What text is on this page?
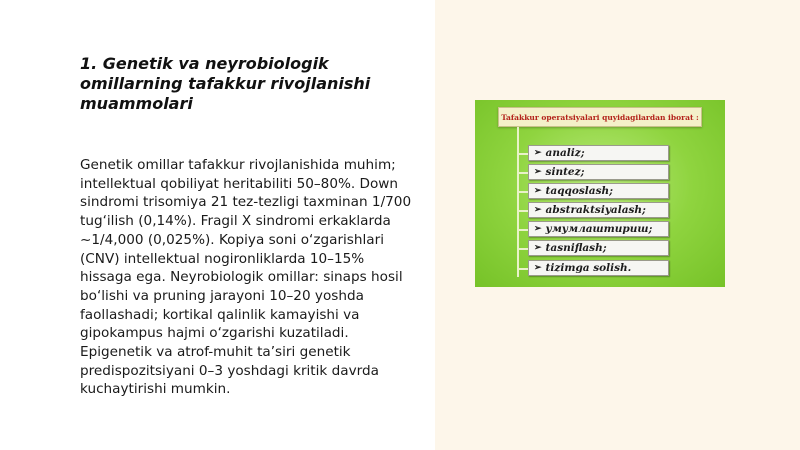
1. Genetik va neyrobiologik omillarning tafakkur rivojlanishi muammolari
Genetik omillar tafakkur rivojlanishida muhim; intellektual qobiliyat heritabiliti 50–80%. Down sindromi trisomiya 21 tez-tezligi taxminan 1/700 tug‘ilish (0,14%). Fragil X sindromi erkaklarda ~1/4,000 (0,025%). Kopiya soni o‘zgarishlari (CNV) intellektual nogironliklarda 10–15% hissaga ega. Neyrobiologik omillar: sinaps hosil bo‘lishi va pruning jarayoni 10–20 yoshda faollashadi; kortikal qalinlik kamayishi va gipokampus hajmi o‘zgarishi kuzatiladi. Epigenetik va atrof-muhit ta’siri genetik predispozitsiyani 0–3 yoshdagi kritik davrda kuchaytirishi mumkin.
Tafakkur operatsiyalari quyidagilardan iborat :
➢ analiz;
➢ sintez;
➢ taqqoslash;
➢ abstraktsiyalash;
➢ умумлаштириш;
➢ tasniflash;
➢ tizimga solish.
